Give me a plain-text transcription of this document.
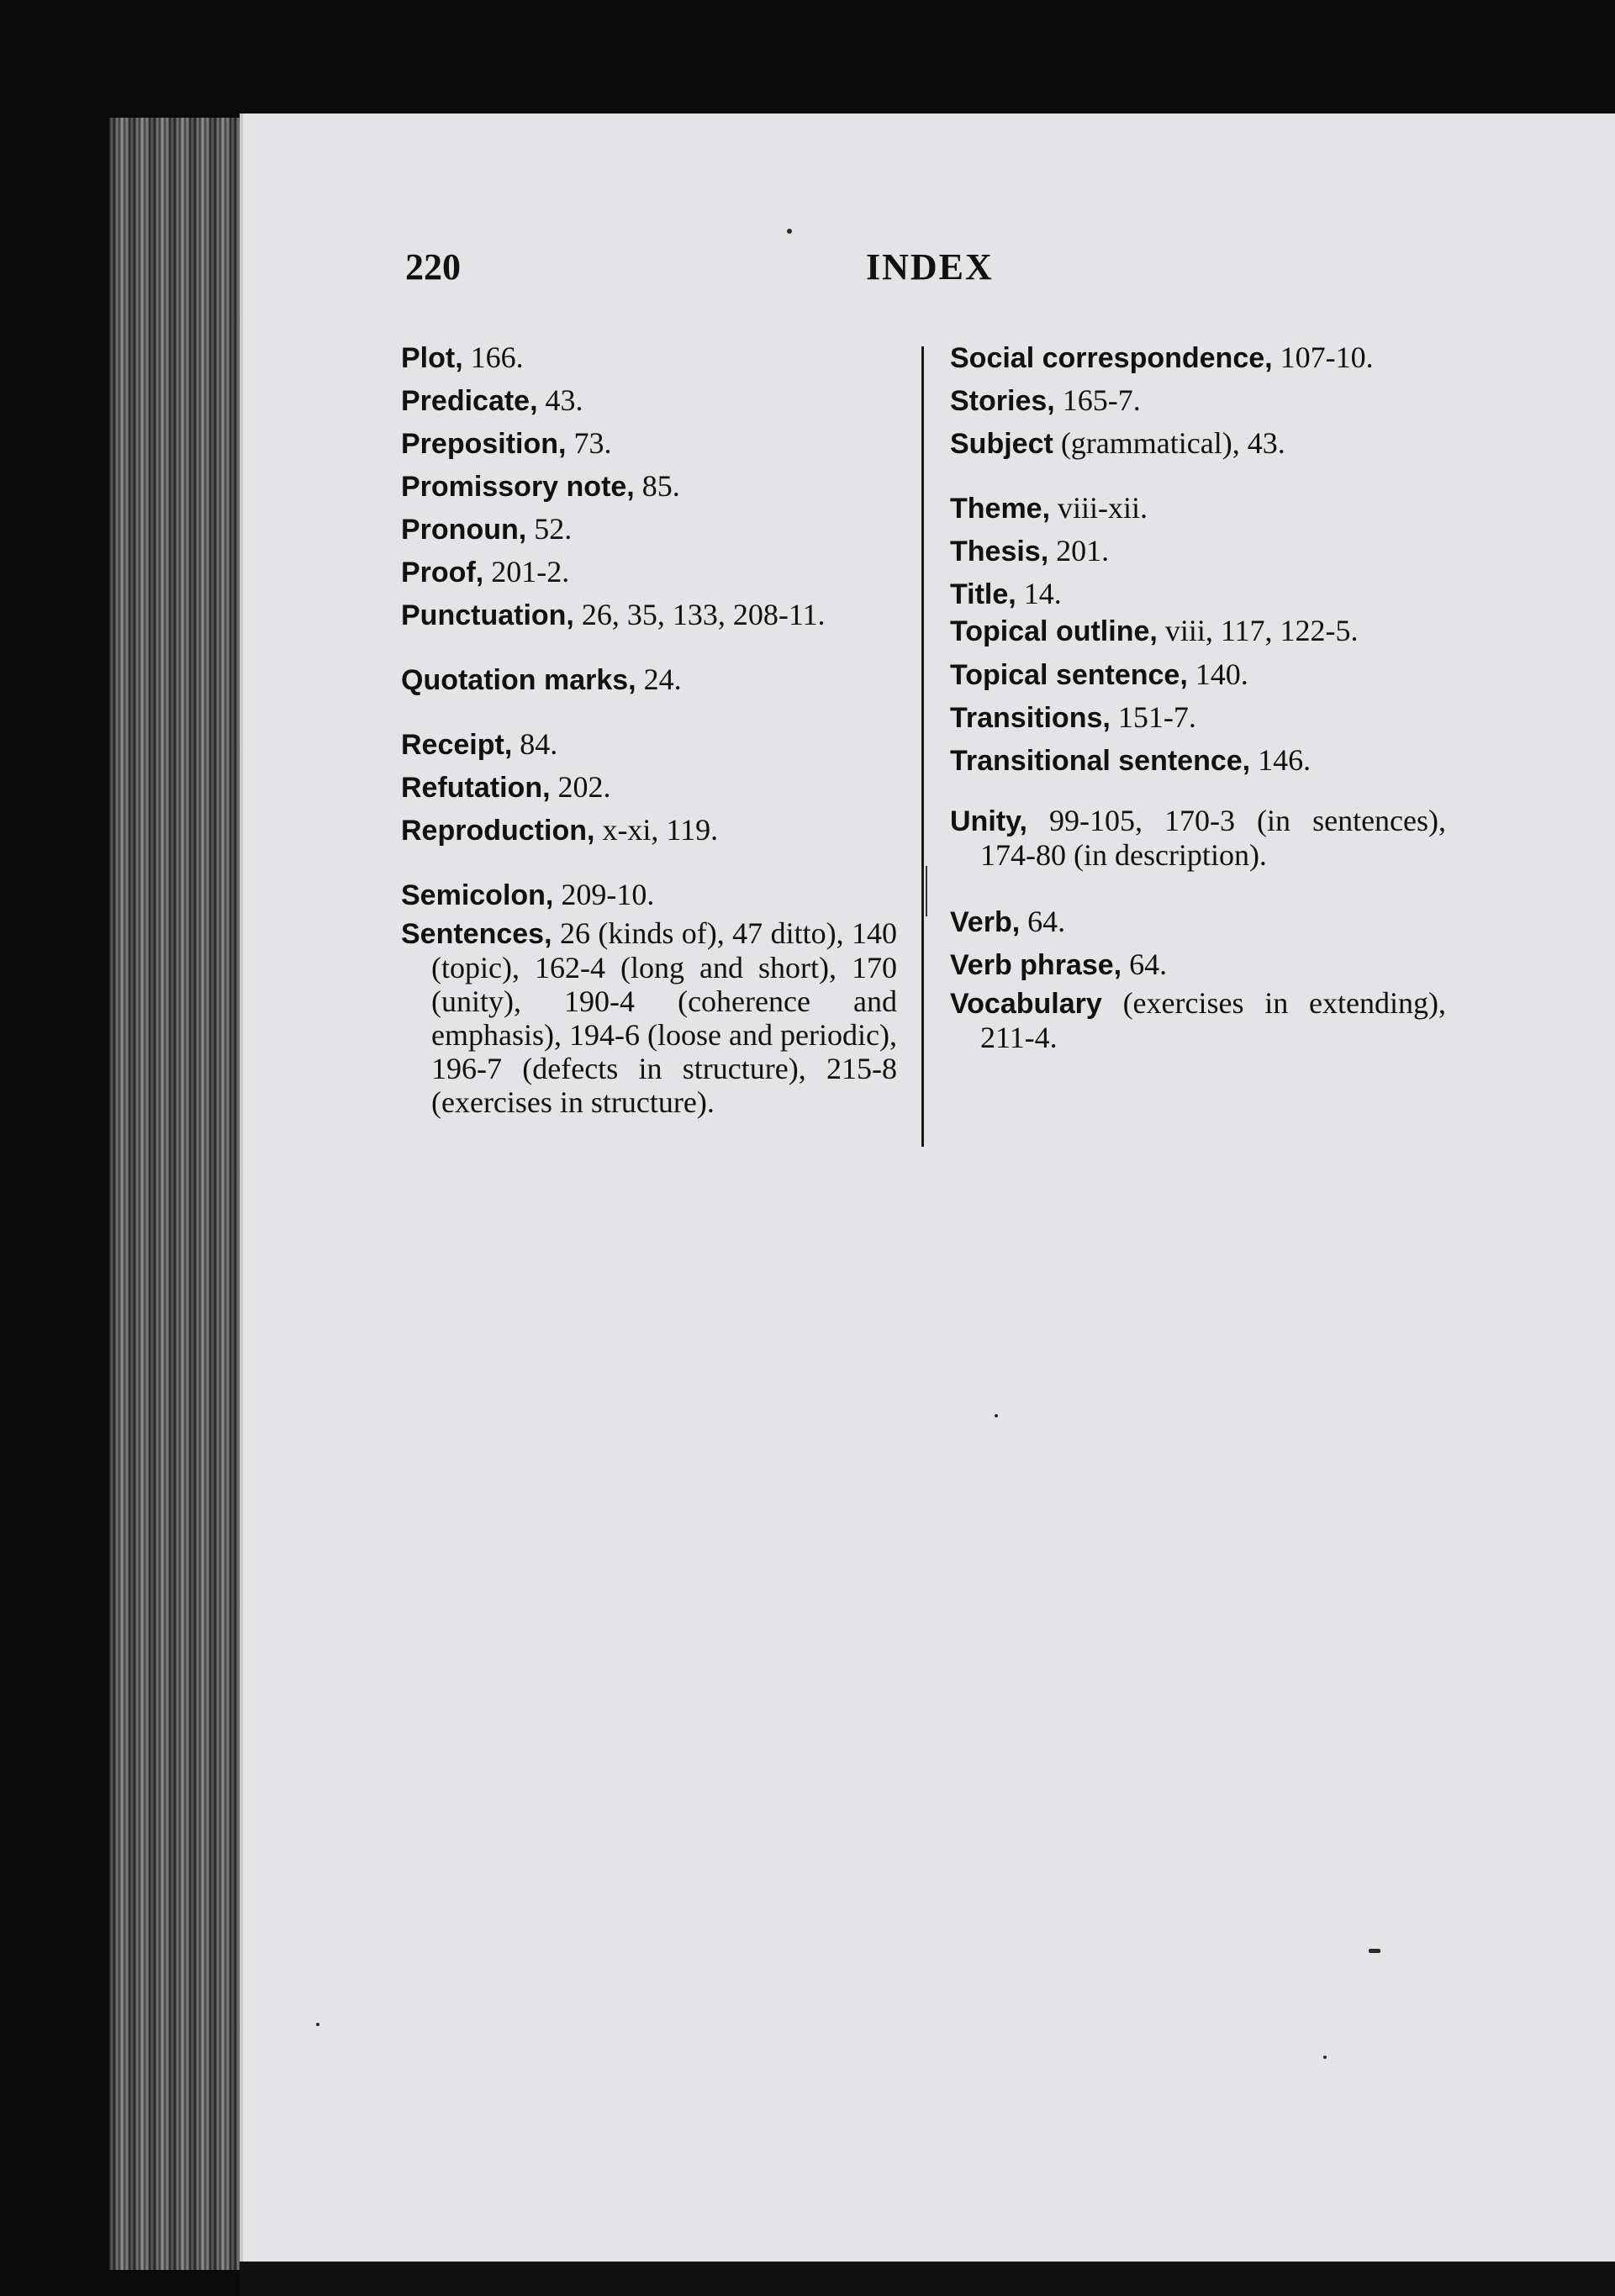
220	INDEX

Plot, 166.

Predicate, 43.

Preposition, 73.

Promissory note, 85.

Pronoun, 52.

Proof, 201-2.

Punctuation, 26, 35, 133, 208-11.

Quotation marks, 24.

Receipt, 84.

Refutation, 202.

Reproduction, x-xi, 119.

Semicolon, 209-10.

Sentences, 26 (kinds of), 47 ditto), 140 (topic), 162-4 (long and short), 170 (unity), 190-4 (coherence and emphasis), 194-6 (loose and periodic), 196-7 (defects in structure), 215-8 (exercises in structure).

Social correspondence, 107-10.

Stories, 165-7.

Subject (grammatical), 43.

Theme, viii-xii.

Thesis, 201.

Title, 14.

Topical outline, viii, 117, 122-5.

Topical sentence, 140.

Transitions, 151-7.

Transitional sentence, 146.

Unity, 99-105, 170-3 (in sentences), 174-80 (in description).

Verb, 64.

Verb phrase, 64.

Vocabulary (exercises in extending), 211-4.
